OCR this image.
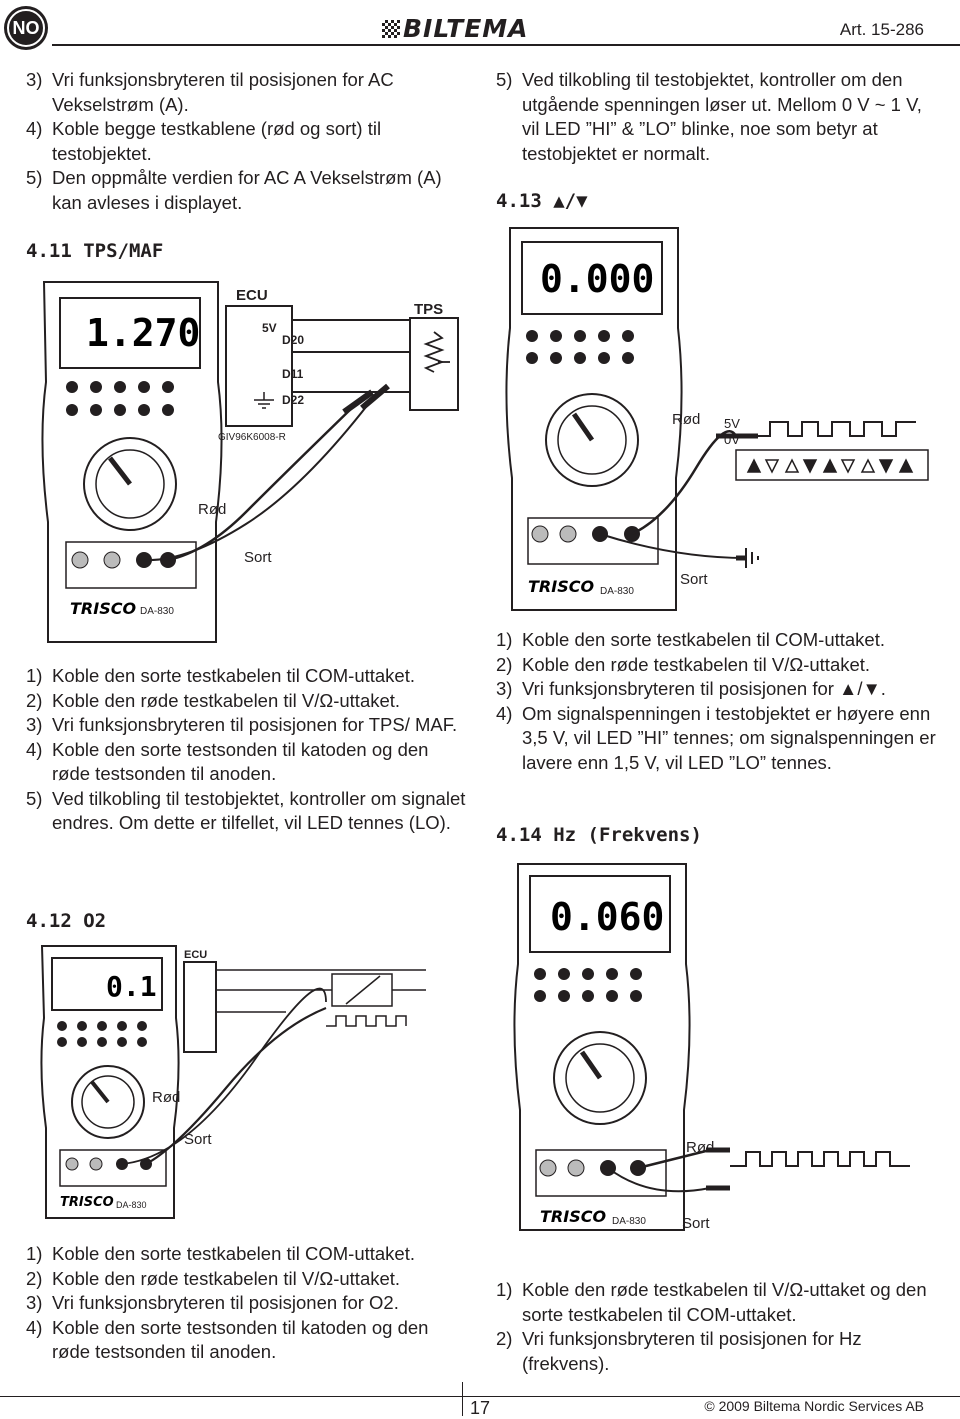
NO	BILTEMA	Art. 15-286
3) Vri funksjonsbryteren til posisjonen for AC Vekselstrøm (A).
4) Koble begge testkablene (rød og sort) til testobjektet.
5) Den oppmålte verdien for AC A Vekselstrøm (A) kan avleses i displayet.
5) Ved tilkobling til testobjektet, kontroller om den utgående spenningen løser ut. Mellom 0 V ~ 1 V, vil LED ”HI” & ”LO” blinke, noe som betyr at testobjektet er normalt.
4.11 TPS/MAF
4.13 ▲/▼
4.12 O2
4.14 Hz (Frekvens)
1.270
TRISCO DA-830
ECU
5V
D20
D11
D22
GIV96K6008-R
TPS
Rød
Sort
0.000
TRISCO DA-830
Rød
Sort
5V
0V
1) Koble den sorte testkabelen til COM-uttaket.
2) Koble den røde testkabelen til V/Ω-uttaket.
3) Vri funksjonsbryteren til posisjonen for TPS/ MAF.
4) Koble den sorte testsonden til katoden og den røde testsonden til anoden.
5) Ved tilkobling til testobjektet, kontroller om signalet endres. Om dette er tilfellet, vil LED tennes (LO).
1) Koble den sorte testkabelen til COM-uttaket.
2) Koble den røde testkabelen til V/Ω-uttaket.
3) Vri funksjonsbryteren til posisjonen for ▲/▼.
4) Om signalspenningen i testobjektet er høyere enn 3,5 V, vil LED ”HI” tennes; om signalspenningen er lavere enn 1,5 V, vil LED ”LO” tennes.
0.1
TRISCO DA-830
ECU
Rød
Sort
0.060
TRISCO DA-830
Rød
Sort
1) Koble den sorte testkabelen til COM-uttaket.
2) Koble den røde testkabelen til V/Ω-uttaket.
3) Vri funksjonsbryteren til posisjonen for O2.
4) Koble den sorte testsonden til katoden og den røde testsonden til anoden.
1) Koble den røde testkabelen til V/Ω-uttaket og den sorte testkabelen til COM-uttaket.
2) Vri funksjonsbryteren til posisjonen for Hz (frekvens).
17	© 2009 Biltema Nordic Services AB
